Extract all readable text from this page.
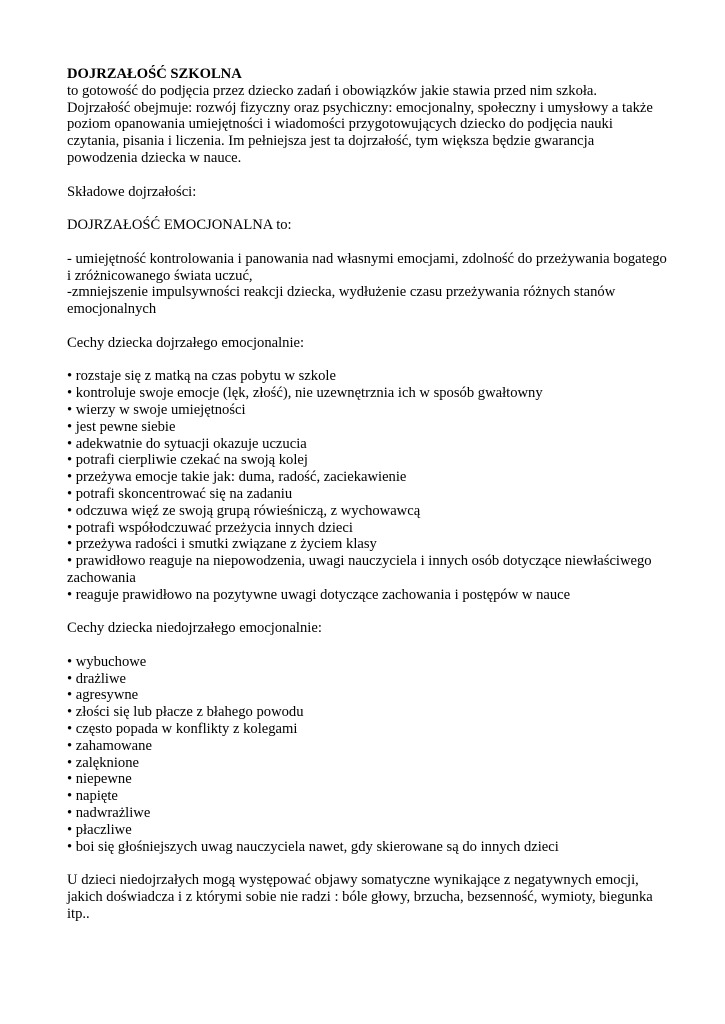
DOJRZAŁOŚĆ SZKOLNA

to gotowość do podjęcia przez dziecko zadań i obowiązków jakie stawia przed nim szkoła.

Dojrzałość obejmuje: rozwój fizyczny oraz psychiczny: emocjonalny, społeczny i umysłowy a także poziom opanowania umiejętności i wiadomości przygotowujących dziecko do podjęcia nauki czytania, pisania i liczenia. Im pełniejsza jest ta dojrzałość, tym większa będzie gwarancja powodzenia dziecka w nauce.

Składowe dojrzałości:

DOJRZAŁOŚĆ EMOCJONALNA to:

- umiejętność kontrolowania i panowania nad własnymi emocjami, zdolność do przeżywania bogatego i zróżnicowanego świata uczuć,

-zmniejszenie impulsywności reakcji dziecka, wydłużenie czasu przeżywania różnych stanów emocjonalnych

Cechy dziecka dojrzałego emocjonalnie:

• rozstaje się z matką na czas pobytu w szkole
• kontroluje swoje emocje (lęk, złość), nie uzewnętrznia ich w sposób gwałtowny
• wierzy w swoje umiejętności
• jest pewne siebie
• adekwatnie do sytuacji okazuje uczucia
• potrafi cierpliwie czekać na swoją kolej
• przeżywa emocje takie jak: duma, radość, zaciekawienie
• potrafi skoncentrować się na zadaniu
• odczuwa więź ze swoją grupą rówieśniczą, z wychowawcą
• potrafi współodczuwać przeżycia innych dzieci
• przeżywa radości i smutki związane z życiem klasy
• prawidłowo reaguje na niepowodzenia, uwagi nauczyciela i innych osób dotyczące niewłaściwego zachowania
• reaguje prawidłowo na pozytywne uwagi dotyczące zachowania i postępów w nauce

Cechy dziecka niedojrzałego emocjonalnie:

• wybuchowe
• drażliwe
• agresywne
• złości się lub płacze z błahego powodu
• często popada w konflikty z kolegami
• zahamowane
• zalęknione
• niepewne
• napięte
• nadwrażliwe
• płaczliwe
• boi się głośniejszych uwag nauczyciela nawet, gdy skierowane są do innych dzieci

U dzieci niedojrzałych mogą występować objawy somatyczne wynikające z negatywnych emocji, jakich doświadcza i z którymi sobie nie radzi : bóle głowy, brzucha, bezsenność, wymioty, biegunka itp..
